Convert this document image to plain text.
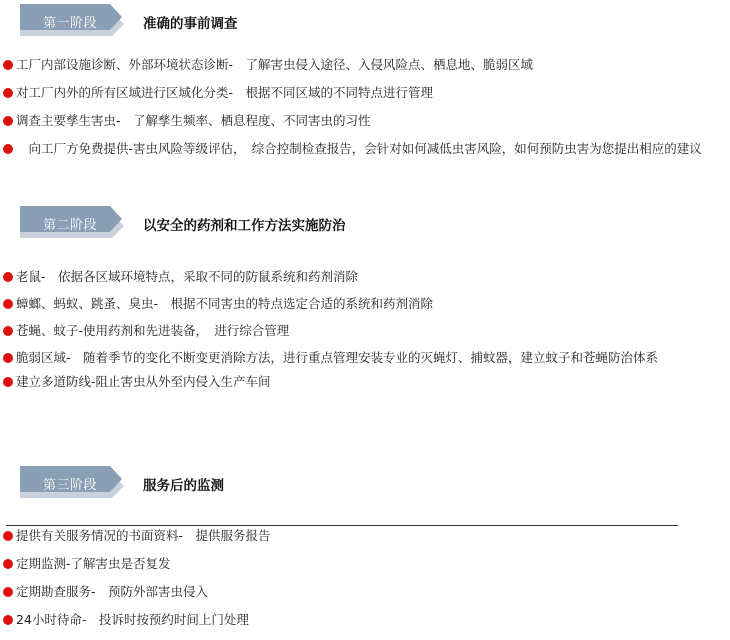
第一阶段	准确的事前调查
工厂内部设施诊断、外部环境状态诊断-　了解害虫侵入途径、入侵风险点、栖息地、脆弱区域
对工厂内外的所有区域进行区域化分类-　根据不同区域的不同特点进行管理
调查主要孳生害虫-　了解孳生频率、栖息程度、不同害虫的习性
　向工厂方免费提供-害虫风险等级评估，　综合控制检查报告，会针对如何减低虫害风险，如何预防虫害为您提出相应的建议
第二阶段	以安全的药剂和工作方法实施防治
老鼠-　依据各区域环境特点，采取不同的防鼠系统和药剂消除
蟑螂、蚂蚁、跳蚤、臭虫-　根据不同害虫的特点选定合适的系统和药剂消除
苍蝇、蚊子-使用药剂和先进装备，　进行综合管理
脆弱区域-　随着季节的变化不断变更消除方法，进行重点管理安装专业的灭蝇灯、捕蚊器，建立蚊子和苍蝇防治体系
建立多道防线-阻止害虫从外至内侵入生产车间
第三阶段	服务后的监测
提供有关服务情况的书面资料-　提供服务报告
定期监测-了解害虫是否复发
定期勘查服务-　预防外部害虫侵入
24小时待命-　投诉时按预约时间上门处理
